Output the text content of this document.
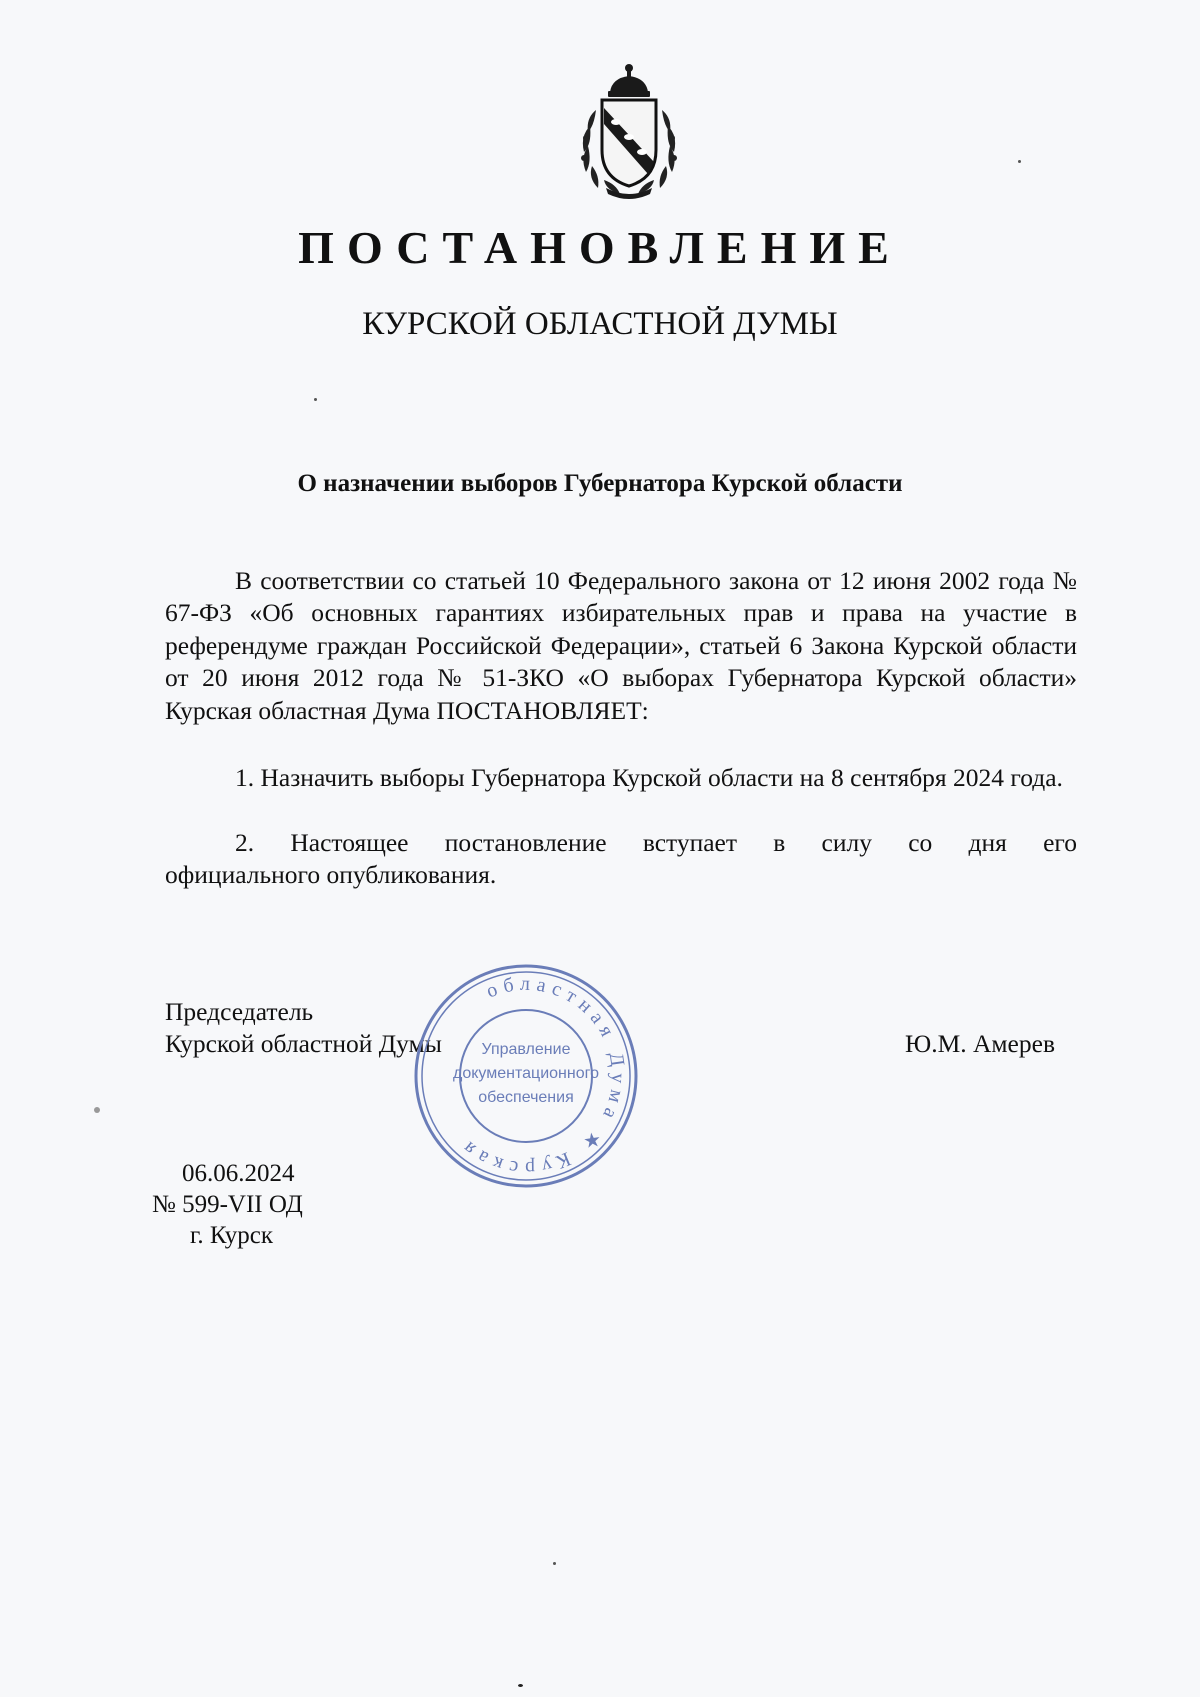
ПОСТАНОВЛЕНИЕ
КУРСКОЙ ОБЛАСТНОЙ ДУМЫ
О назначении выборов Губернатора Курской области

В соответствии со статьей 10 Федерального закона от 12 июня 2002 года № 67-ФЗ «Об основных гарантиях избирательных прав и права на участие в референдуме граждан Российской Федерации», статьей 6 Закона Курской области от 20 июня 2012 года № 51-ЗКО «О выборах Губернатора Курской области» Курская областная Дума ПОСТАНОВЛЯЕТ:

1. Назначить выборы Губернатора Курской области на 8 сентября 2024 года.

2. Настоящее постановление вступает в силу со дня его

официального опубликования.

Председатель
Курской областной Думы	Ю.М. Амерев
областная Дума ★ Курская
Управление
документационного
обеспечения
06.06.2024
№ 599-VII ОД
г. Курск
